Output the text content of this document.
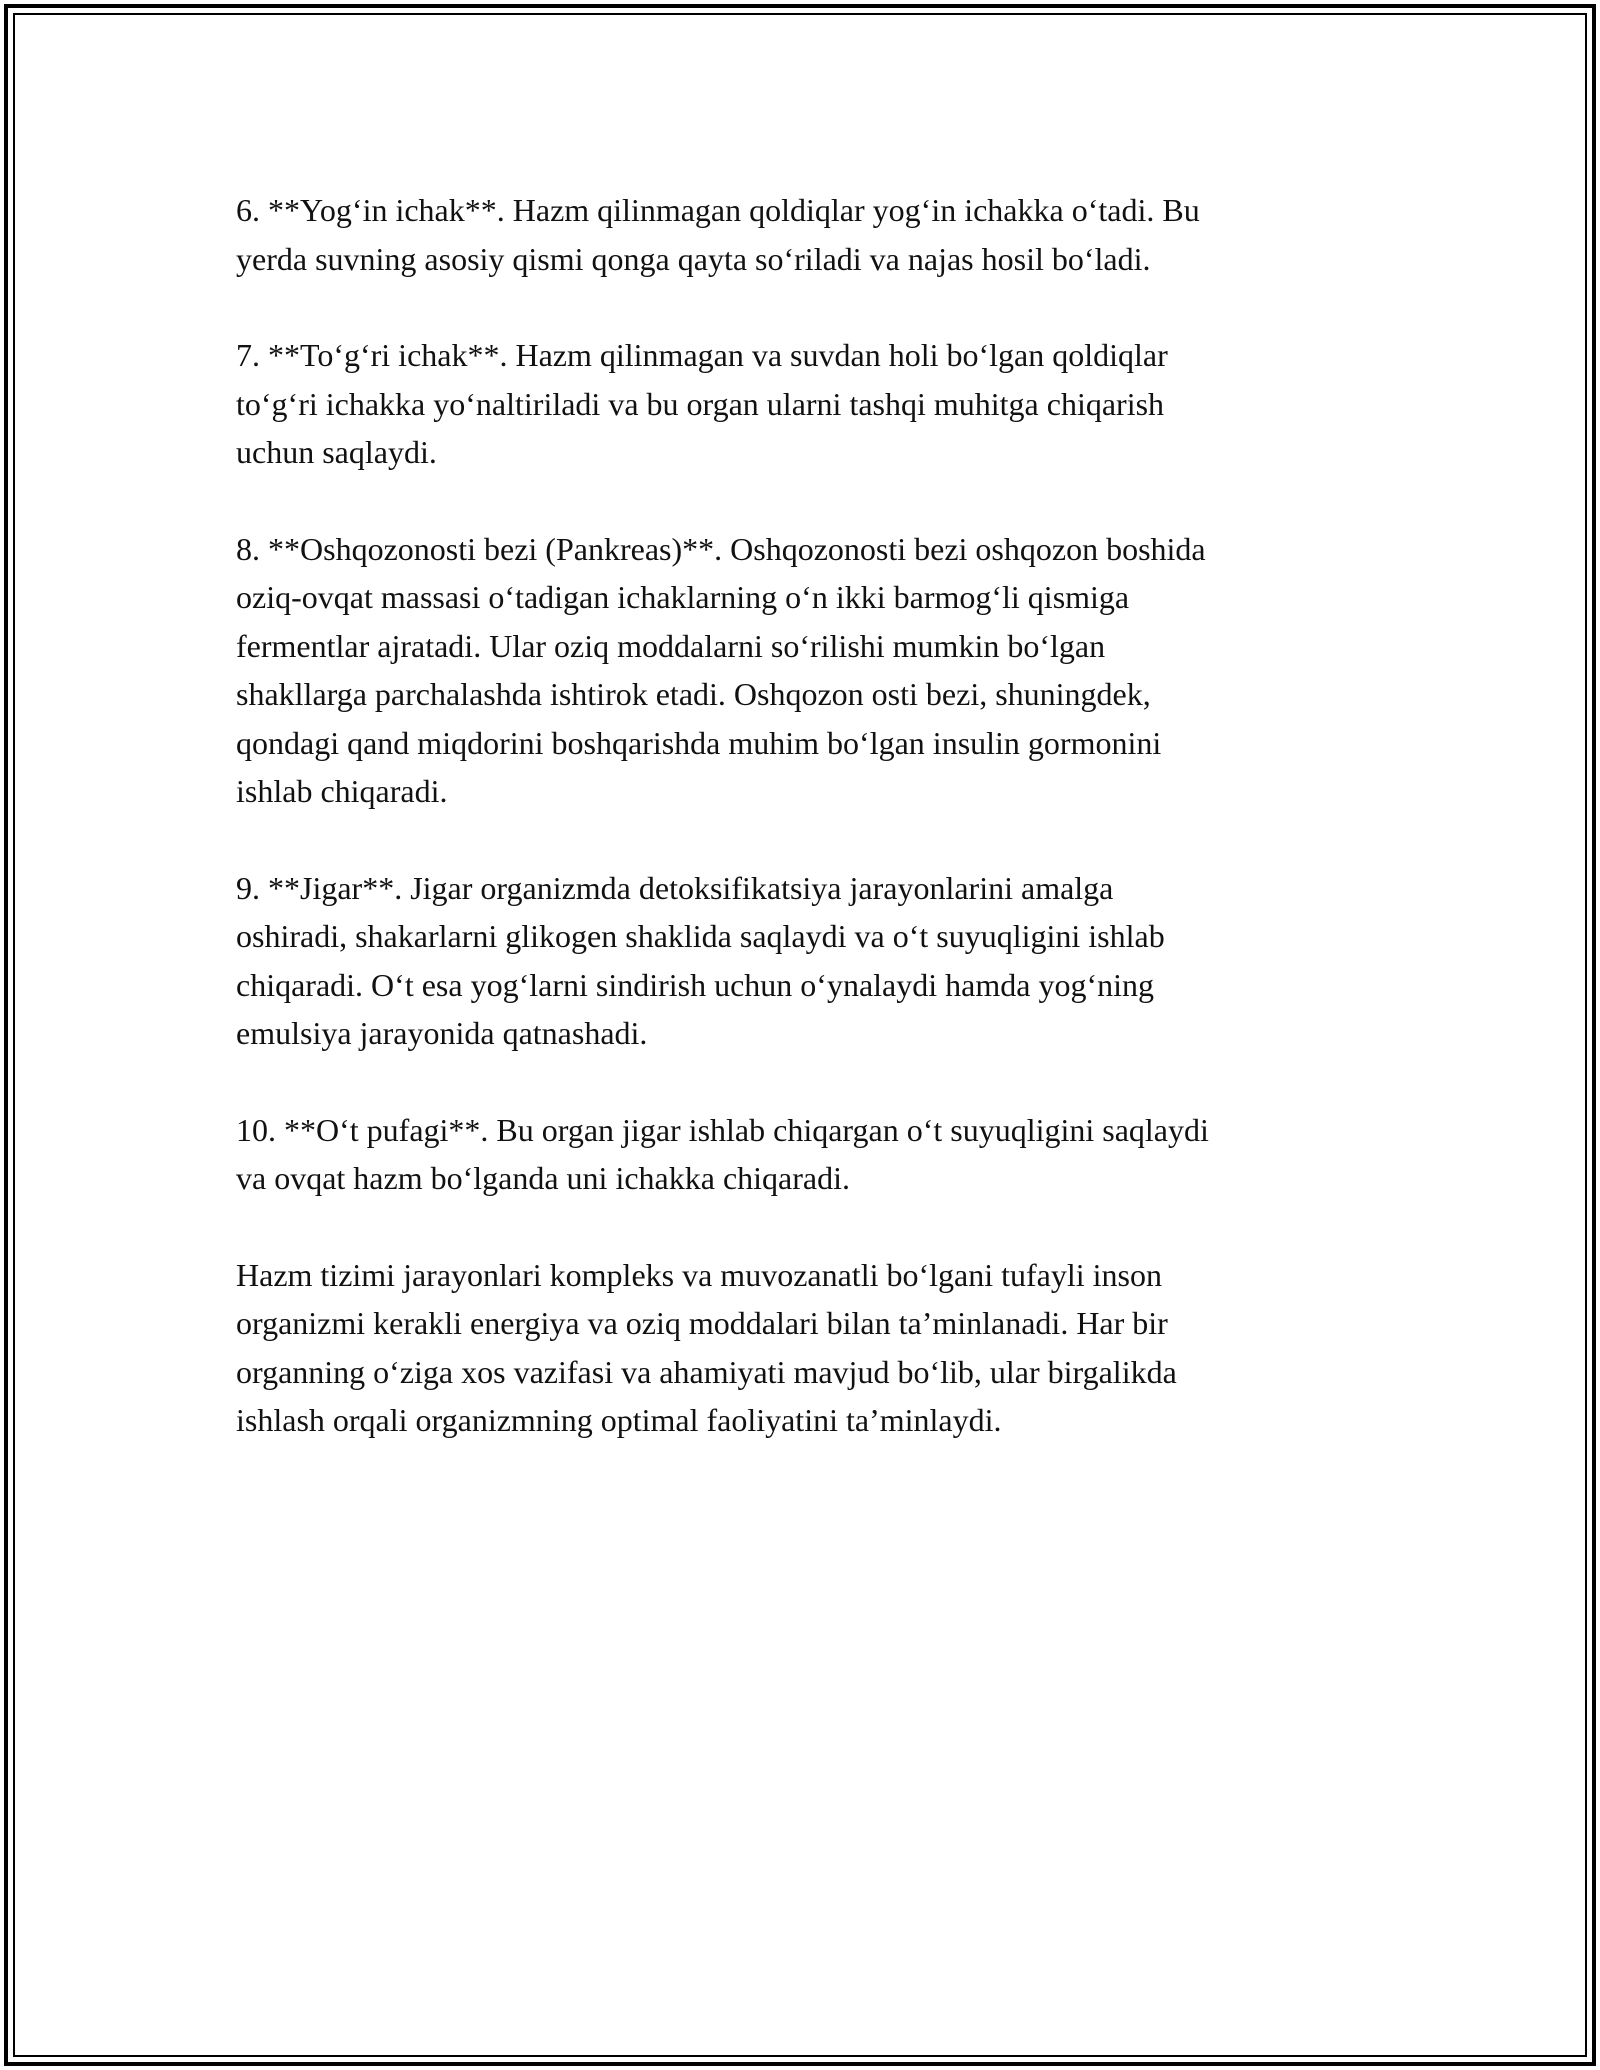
6. **Yog‘in ichak**. Hazm qilinmagan qoldiqlar yog‘in ichakka o‘tadi. Bu
yerda suvning asosiy qismi qonga qayta so‘riladi va najas hosil bo‘ladi.

7. **To‘g‘ri ichak**. Hazm qilinmagan va suvdan holi bo‘lgan qoldiqlar
to‘g‘ri ichakka yo‘naltiriladi va bu organ ularni tashqi muhitga chiqarish
uchun saqlaydi.

8. **Oshqozonosti bezi (Pankreas)**. Oshqozonosti bezi oshqozon boshida
oziq-ovqat massasi o‘tadigan ichaklarning o‘n ikki barmog‘li qismiga
fermentlar ajratadi. Ular oziq moddalarni so‘rilishi mumkin bo‘lgan
shakllarga parchalashda ishtirok etadi. Oshqozon osti bezi, shuningdek,
qondagi qand miqdorini boshqarishda muhim bo‘lgan insulin gormonini
ishlab chiqaradi.

9. **Jigar**. Jigar organizmda detoksifikatsiya jarayonlarini amalga
oshiradi, shakarlarni glikogen shaklida saqlaydi va o‘t suyuqligini ishlab
chiqaradi. O‘t esa yog‘larni sindirish uchun o‘ynalaydi hamda yog‘ning
emulsiya jarayonida qatnashadi.

10. **O‘t pufagi**. Bu organ jigar ishlab chiqargan o‘t suyuqligini saqlaydi
va ovqat hazm bo‘lganda uni ichakka chiqaradi.

Hazm tizimi jarayonlari kompleks va muvozanatli bo‘lgani tufayli inson
organizmi kerakli energiya va oziq moddalari bilan ta’minlanadi. Har bir
organning o‘ziga xos vazifasi va ahamiyati mavjud bo‘lib, ular birgalikda
ishlash orqali organizmning optimal faoliyatini ta’minlaydi.
